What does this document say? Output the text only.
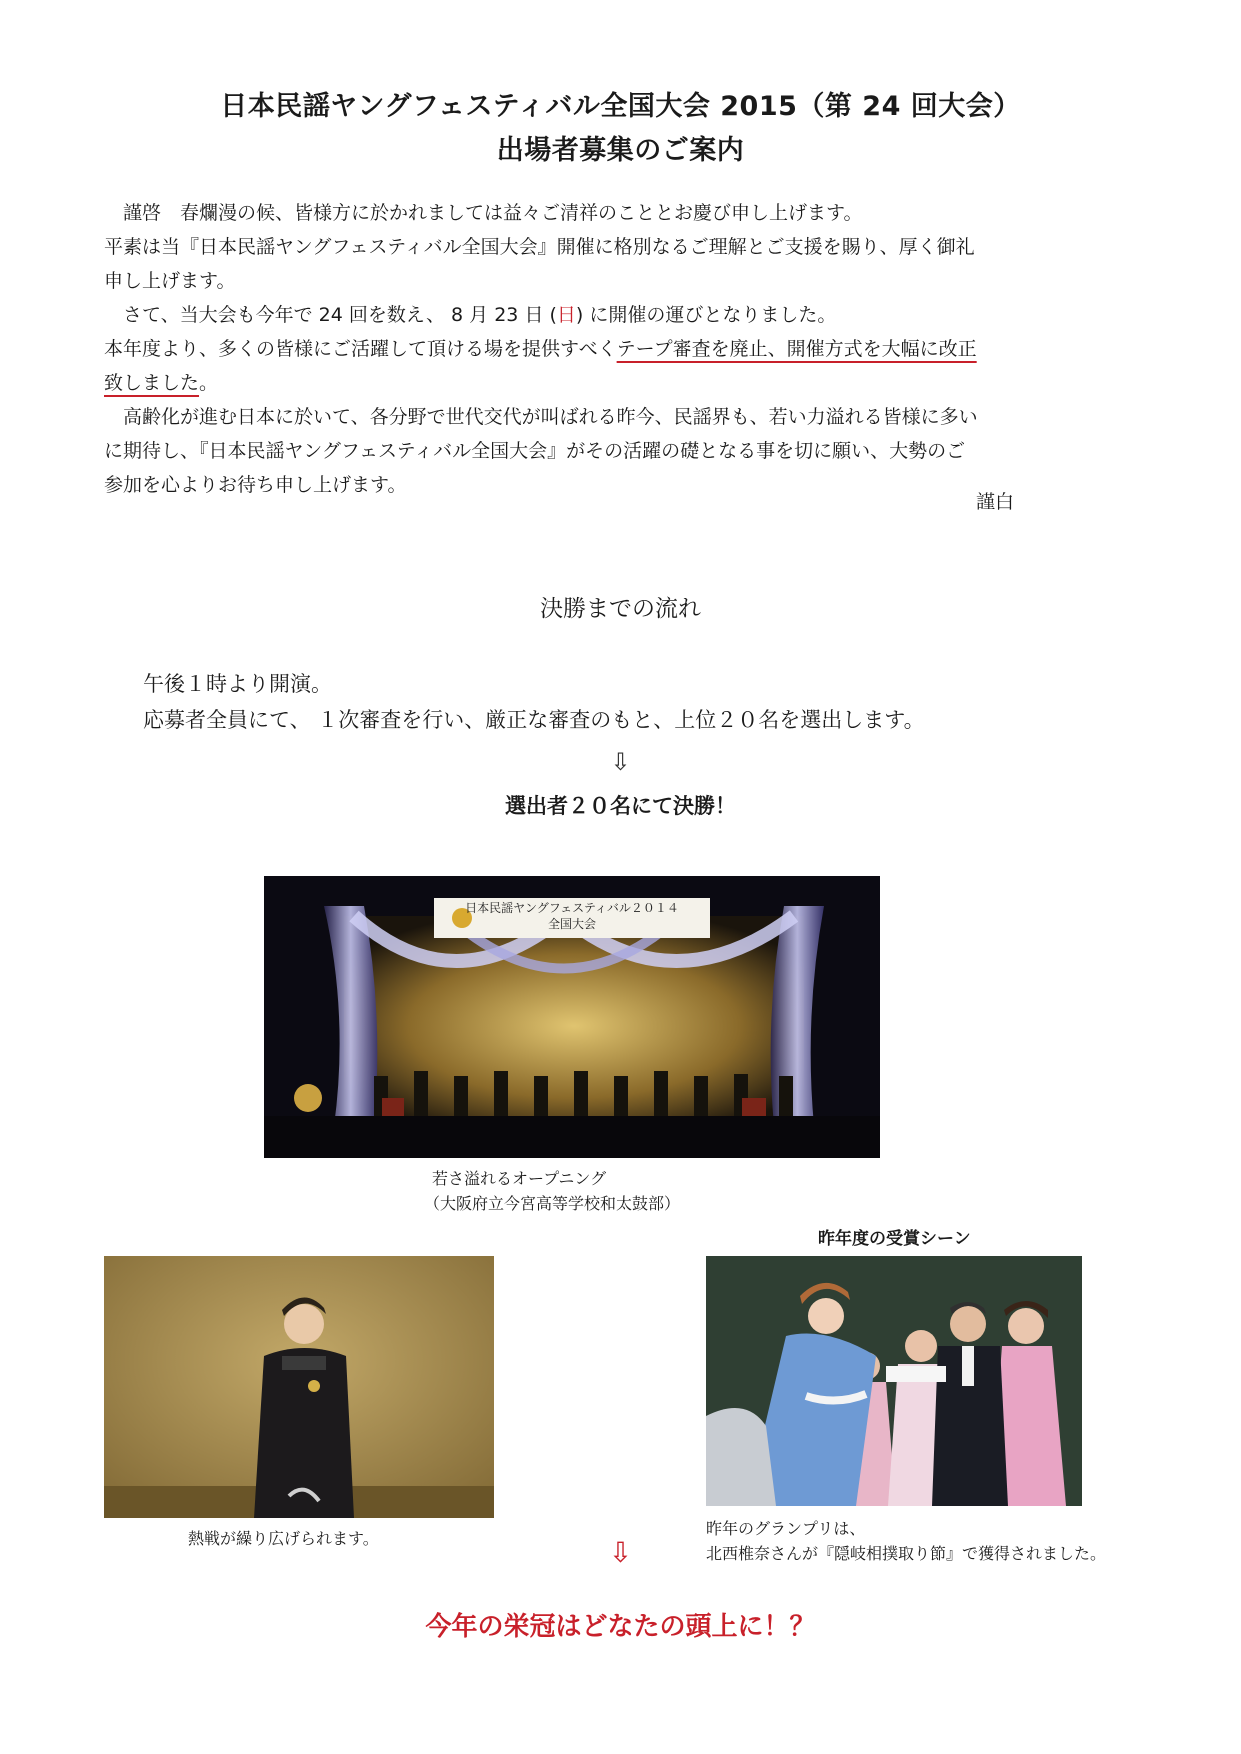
日本民謡ヤングフェスティバル全国大会 2015（第 24 回大会）
出場者募集のご案内

　謹啓　春爛漫の候、皆様方に於かれましては益々ご清祥のこととお慶び申し上げます。

平素は当『日本民謡ヤングフェスティバル全国大会』開催に格別なるご理解とご支援を賜り、厚く御礼

申し上げます。

　さて、当大会も今年で 24 回を数え、 8 月 23 日 (日) に開催の運びとなりました。

本年度より、多くの皆様にご活躍して頂ける場を提供すべくテープ審査を廃止、開催方式を大幅に改正

致しました。

　高齢化が進む日本に於いて、各分野で世代交代が叫ばれる昨今、民謡界も、若い力溢れる皆様に多い

に期待し、『日本民謡ヤングフェスティバル全国大会』がその活躍の礎となる事を切に願い、大勢のご

参加を心よりお待ち申し上げます。

謹白
決勝までの流れ
午後１時より開演。
応募者全員にて、 １次審査を行い、厳正な審査のもと、上位２０名を選出します。
⇩
選出者２０名にて決勝！
日本民謡ヤングフェスティバル２０１４
全国大会
若さ溢れるオープニング
（大阪府立今宮高等学校和太鼓部）
昨年度の受賞シーン
熱戦が繰り広げられます。
昨年のグランプリは、
北西椎奈さんが『隠岐相撲取り節』で獲得されました。
⇩
今年の栄冠はどなたの頭上に！？
